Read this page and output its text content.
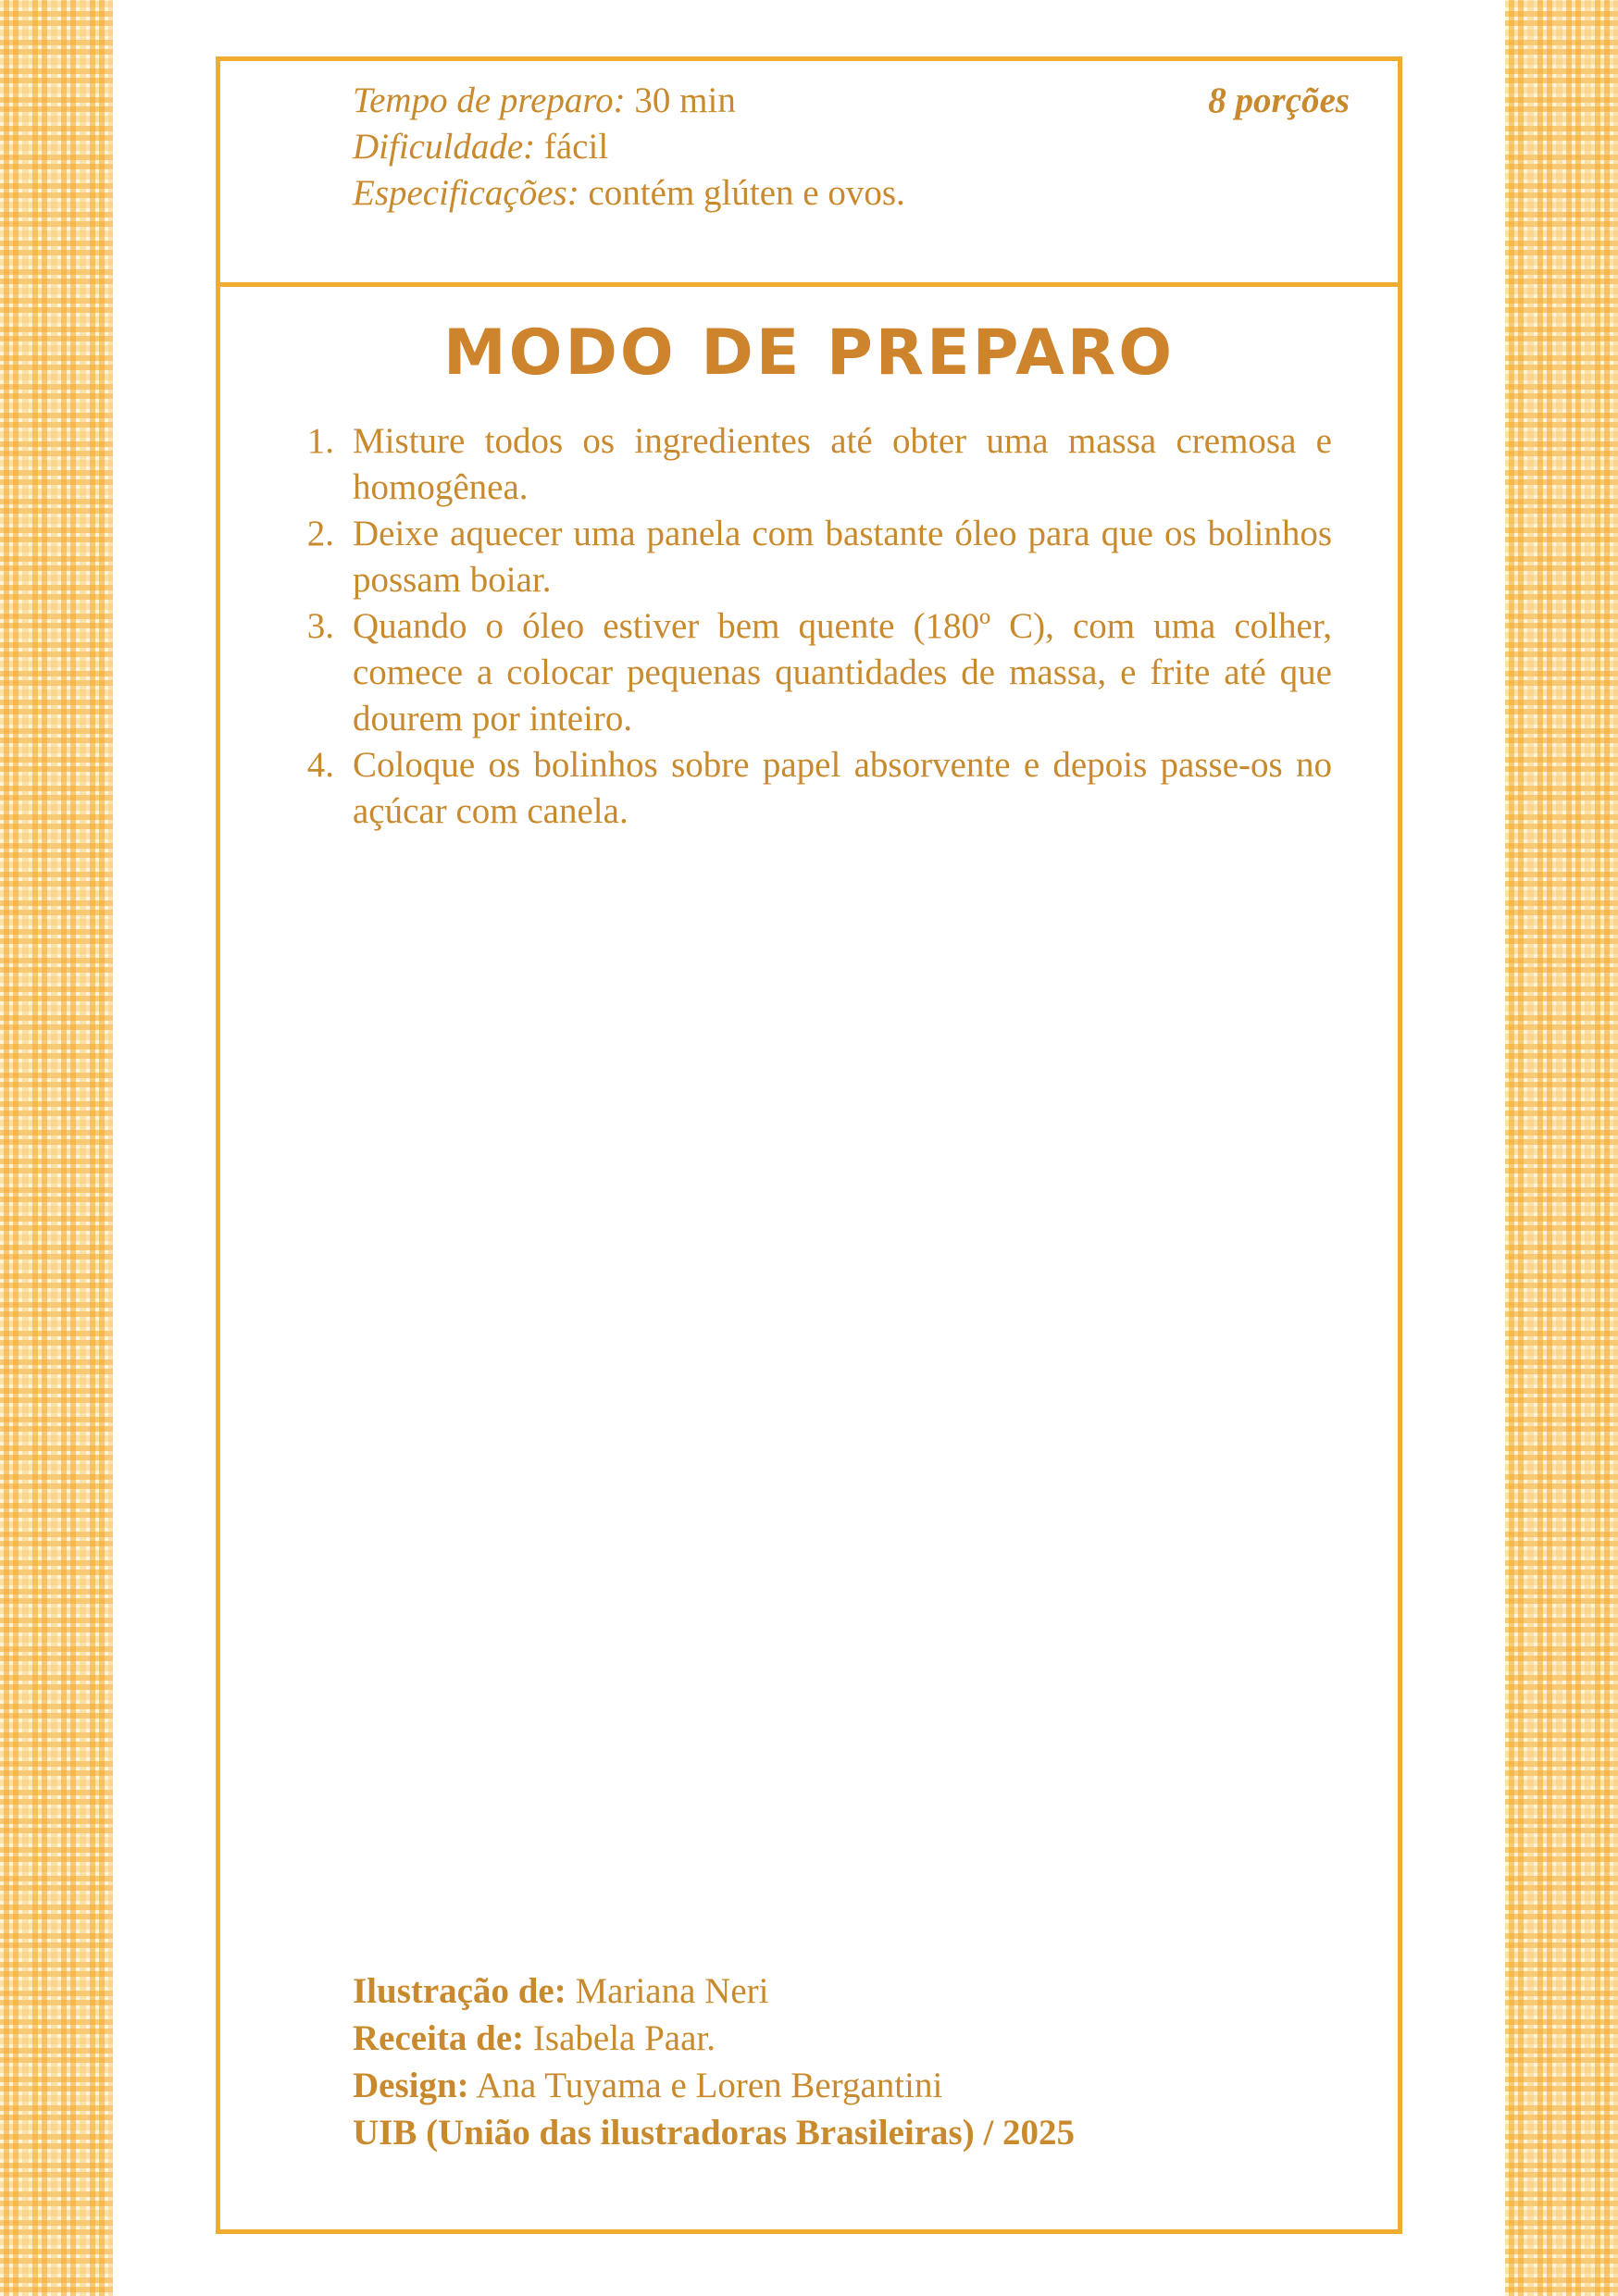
Tempo de preparo: 30 min
Dificuldade: fácil
Especificações: contém glúten e ovos.
8 porções
MODO DE PREPARO
1. Misture todos os ingredientes até obter uma massa cremosa e homogênea.
2. Deixe aquecer uma panela com bastante óleo para que os bolinhos possam boiar.
3. Quando o óleo estiver bem quente (180º C), com uma colher, comece a colocar pequenas quantidades de massa, e frite até que dourem por inteiro.
4. Coloque os bolinhos sobre papel absorvente e depois passe-os no açúcar com canela.
Ilustração de: Mariana Neri
Receita de: Isabela Paar.
Design: Ana Tuyama e Loren Bergantini
UIB (União das ilustradoras Brasileiras) / 2025
